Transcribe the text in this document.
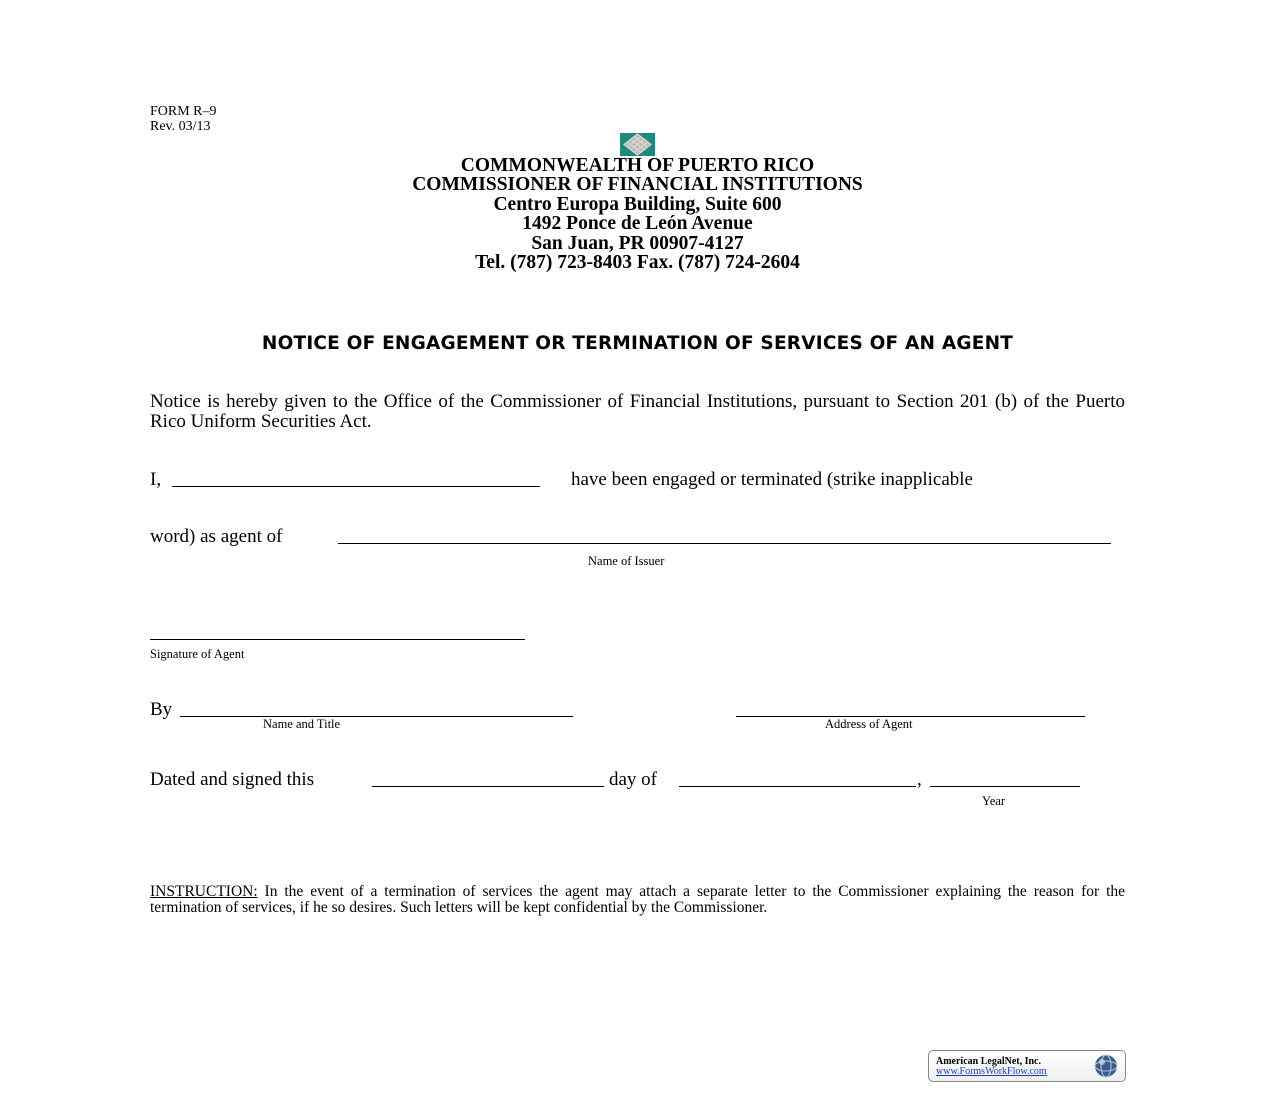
FORM R–9
Rev. 03/13
COMMONWEALTH OF PUERTO RICO
COMMISSIONER OF FINANCIAL INSTITUTIONS
Centro Europa Building, Suite 600
1492 Ponce de León Avenue
San Juan, PR 00907-4127
Tel. (787) 723-8403 Fax. (787) 724-2604
NOTICE OF ENGAGEMENT OR TERMINATION OF SERVICES OF AN AGENT
Notice is hereby given to the Office of the Commissioner of Financial Institutions, pursuant to Section 201 (b) of the Puerto Rico Uniform Securities Act.
I,	have been engaged or terminated (strike inapplicable
word) as agent of
Name of Issuer
Signature of Agent
By
Name and Title	Address of Agent
Dated and signed this	day of	,
Year
INSTRUCTION: In the event of a termination of services the agent may attach a separate letter to the Commissioner explaining the reason for the termination of services, if he so desires. Such letters will be kept confidential by the Commissioner.
American LegalNet, Inc.
www.FormsWorkFlow.com
